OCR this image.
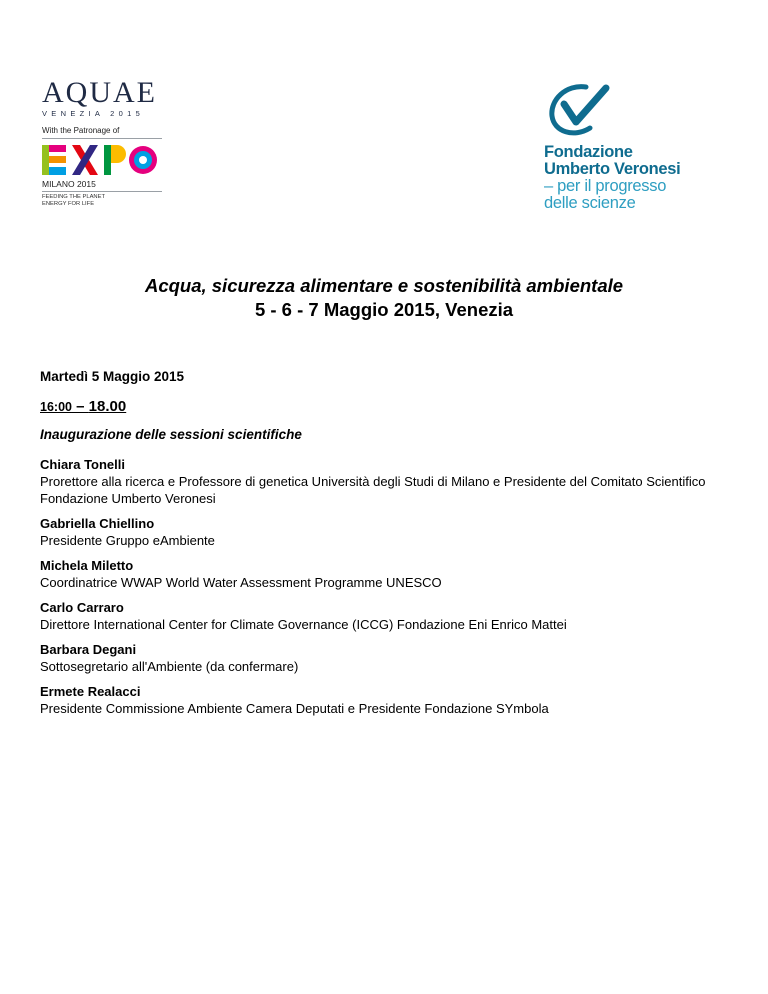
AQUAE
VENEZIA 2015
With the Patronage of
MILANO 2015
FEEDING THE PLANET
ENERGY FOR LIFE
Fondazione
Umberto Veronesi
– per il progresso
delle scienze
Acqua, sicurezza alimentare e sostenibilità ambientale
5 - 6 - 7 Maggio 2015, Venezia
Martedì 5 Maggio 2015
16:00 – 18.00
Inaugurazione delle sessioni scientifiche
Chiara Tonelli
Prorettore alla ricerca e Professore di genetica Università degli Studi di Milano e Presidente del Comitato Scientifico Fondazione Umberto Veronesi
Gabriella Chiellino
Presidente Gruppo eAmbiente
Michela Miletto
Coordinatrice WWAP World Water Assessment Programme UNESCO
Carlo Carraro
Direttore International Center for Climate Governance (ICCG) Fondazione Eni Enrico Mattei
Barbara Degani
Sottosegretario all'Ambiente (da confermare)
Ermete Realacci
Presidente Commissione Ambiente Camera Deputati e Presidente Fondazione SYmbola
